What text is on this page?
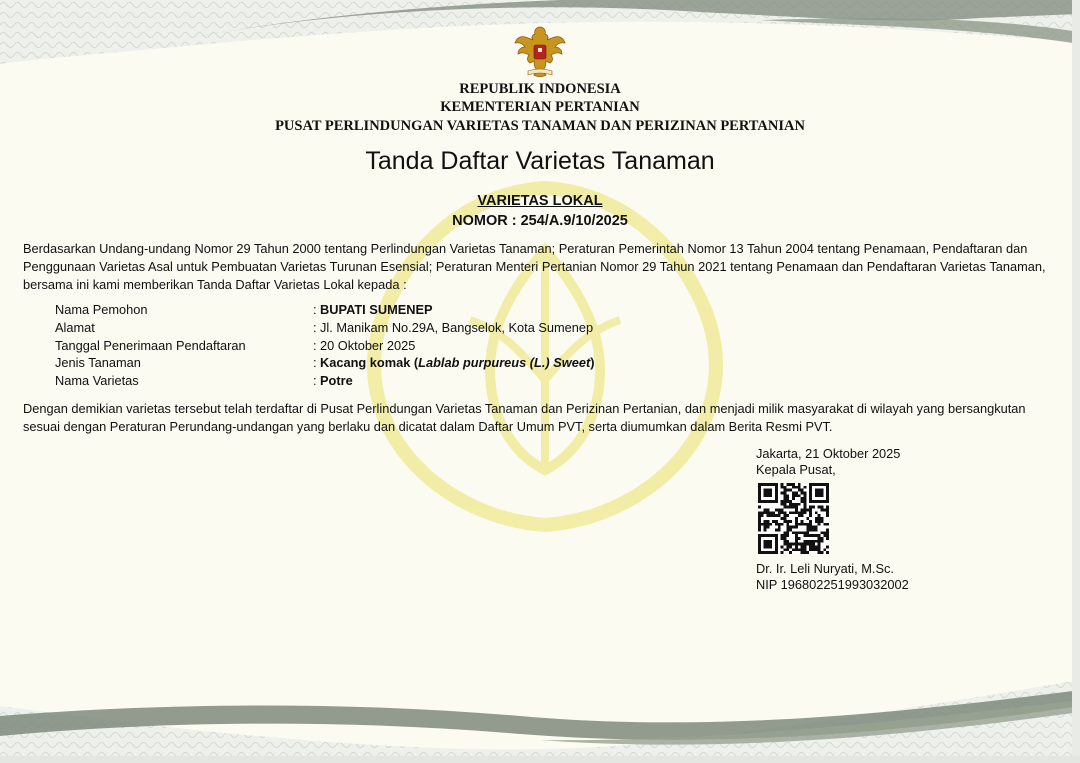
REPUBLIK INDONESIA
KEMENTERIAN PERTANIAN
PUSAT PERLINDUNGAN VARIETAS TANAMAN DAN PERIZINAN PERTANIAN
Tanda Daftar Varietas Tanaman
VARIETAS LOKAL
NOMOR : 254/A.9/10/2025
Berdasarkan Undang-undang Nomor 29 Tahun 2000 tentang Perlindungan Varietas Tanaman; Peraturan Pemerintah Nomor 13 Tahun 2004 tentang Penamaan, Pendaftaran dan
Penggunaan Varietas Asal untuk Pembuatan Varietas Turunan Esensial; Peraturan Menteri Pertanian Nomor 29 Tahun 2021 tentang Penamaan dan Pendaftaran Varietas Tanaman,
bersama ini kami memberikan Tanda Daftar Varietas Lokal kepada :
Nama Pemohon	: BUPATI SUMENEP
Alamat	: Jl. Manikam No.29A, Bangselok, Kota Sumenep
Tanggal Penerimaan Pendaftaran	: 20 Oktober 2025
Jenis Tanaman	: Kacang komak (Lablab purpureus (L.) Sweet)
Nama Varietas	: Potre
Dengan demikian varietas tersebut telah terdaftar di Pusat Perlindungan Varietas Tanaman dan Perizinan Pertanian, dan menjadi milik masyarakat di wilayah yang bersangkutan
sesuai dengan Peraturan Perundang-undangan yang berlaku dan dicatat dalam Daftar Umum PVT, serta diumumkan dalam Berita Resmi PVT.
Jakarta, 21 Oktober 2025
Kepala Pusat,
Dr. Ir. Leli Nuryati, M.Sc.
NIP 196802251993032002
